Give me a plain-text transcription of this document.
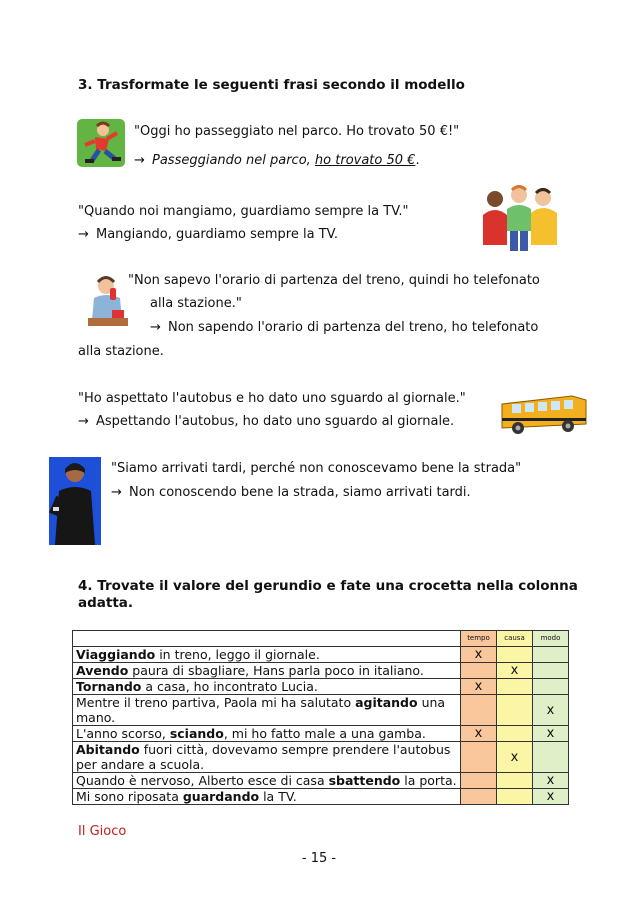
3. Trasformate le seguenti frasi secondo il modello
"Oggi ho passeggiato nel parco. Ho trovato 50 €!"
→ Passeggiando nel parco, ho trovato 50 €.
"Quando noi mangiamo, guardiamo sempre la TV."
→ Mangiando, guardiamo sempre la TV.
"Non sapevo l'orario di partenza del treno, quindi ho telefonato
alla stazione."
→ Non sapendo l'orario di partenza del treno, ho telefonato
alla stazione.
"Ho aspettato l'autobus e ho dato uno sguardo al giornale."
→ Aspettando l'autobus, ho dato uno sguardo al giornale.
"Siamo arrivati tardi, perché non conoscevamo bene la strada"
→ Non conoscendo bene la strada, siamo arrivati tardi.
4. Trovate il valore del gerundio e fate una crocetta nella colonna
adatta.
	tempo	causa	modo
Viaggiando in treno, leggo il giornale.	x		
Avendo paura di sbagliare, Hans parla poco in italiano.		x	
Tornando a casa, ho incontrato Lucia.	x		
Mentre il treno partiva, Paola mi ha salutato agitando una mano.			x
L'anno scorso, sciando, mi ho fatto male a una gamba.	x		x
Abitando fuori città, dovevamo sempre prendere l'autobus per andare a scuola.		x	
Quando è nervoso, Alberto esce di casa sbattendo la porta.			x
Mi sono riposata guardando la TV.			x
Il Gioco
- 15 -
